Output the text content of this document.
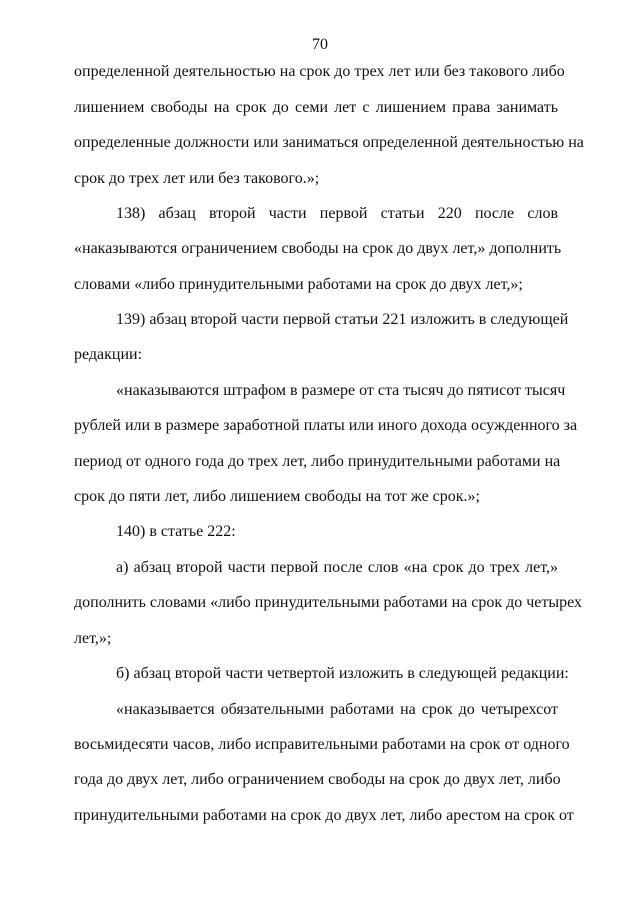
70
определенной деятельностью на срок до трех лет или без такового либо
лишением свободы на срок до семи лет с лишением права занимать
определенные должности или заниматься определенной деятельностью на
срок до трех лет или без такового.»;
138) абзац второй части первой статьи 220 после слов
«наказываются ограничением свободы на срок до двух лет,» дополнить
словами «либо принудительными работами на срок до двух лет,»;
139) абзац второй части первой статьи 221 изложить в следующей
редакции:
«наказываются штрафом в размере от ста тысяч до пятисот тысяч
рублей или в размере заработной платы или иного дохода осужденного за
период от одного года до трех лет, либо принудительными работами на
срок до пяти лет, либо лишением свободы на тот же срок.»;
140) в статье 222:
а) абзац второй части первой после слов «на срок до трех лет,»
дополнить словами «либо принудительными работами на срок до четырех
лет,»;
б) абзац второй части четвертой изложить в следующей редакции:
«наказывается обязательными работами на срок до четырехсот
восьмидесяти часов, либо исправительными работами на срок от одного
года до двух лет, либо ограничением свободы на срок до двух лет, либо
принудительными работами на срок до двух лет, либо арестом на срок от
